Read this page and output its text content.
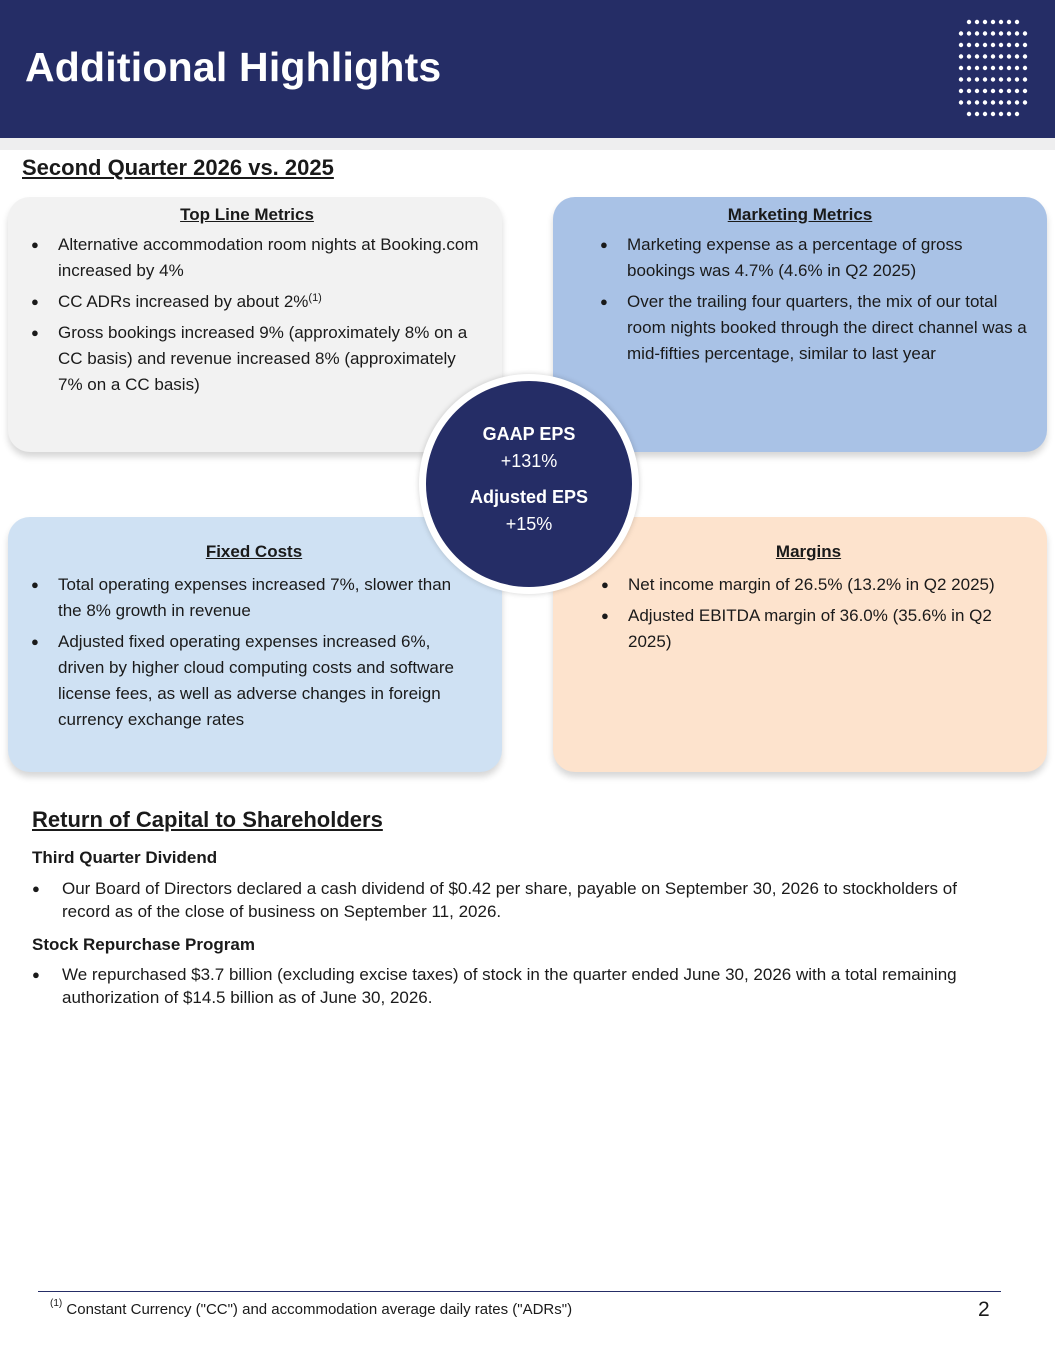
Additional Highlights
Second Quarter 2026 vs. 2025
Top Line Metrics
● Alternative accommodation room nights at Booking.com increased by 4%
● CC ADRs increased by about 2%$^{(1)}$
● Gross bookings increased 9% (approximately 8% on a CC basis) and revenue increased 8% (approximately 7% on a CC basis)
Marketing Metrics
● Marketing expense as a percentage of gross bookings was 4.7% (4.6% in Q2 2025)
● Over the trailing four quarters, the mix of our total room nights booked through the direct channel was a mid-fifties percentage, similar to last year
Fixed Costs
● Total operating expenses increased 7%, slower than the 8% growth in revenue
● Adjusted fixed operating expenses increased 6%, driven by higher cloud computing costs and software license fees, as well as adverse changes in foreign currency exchange rates
Margins
● Net income margin of 26.5% (13.2% in Q2 2025)
● Adjusted EBITDA margin of 36.0% (35.6% in Q2 2025)
GAAP EPS
+131%
Adjusted EPS
+15%
Return of Capital to Shareholders
Third Quarter Dividend
● Our Board of Directors declared a cash dividend of $0.42 per share, payable on September 30, 2026 to stockholders of record as of the close of business on September 11, 2026.
Stock Repurchase Program
● We repurchased $3.7 billion (excluding excise taxes) of stock in the quarter ended June 30, 2026 with a total remaining authorization of $14.5 billion as of June 30, 2026.
$^{(1)}$ Constant Currency ("CC") and accommodation average daily rates ("ADRs")	2
